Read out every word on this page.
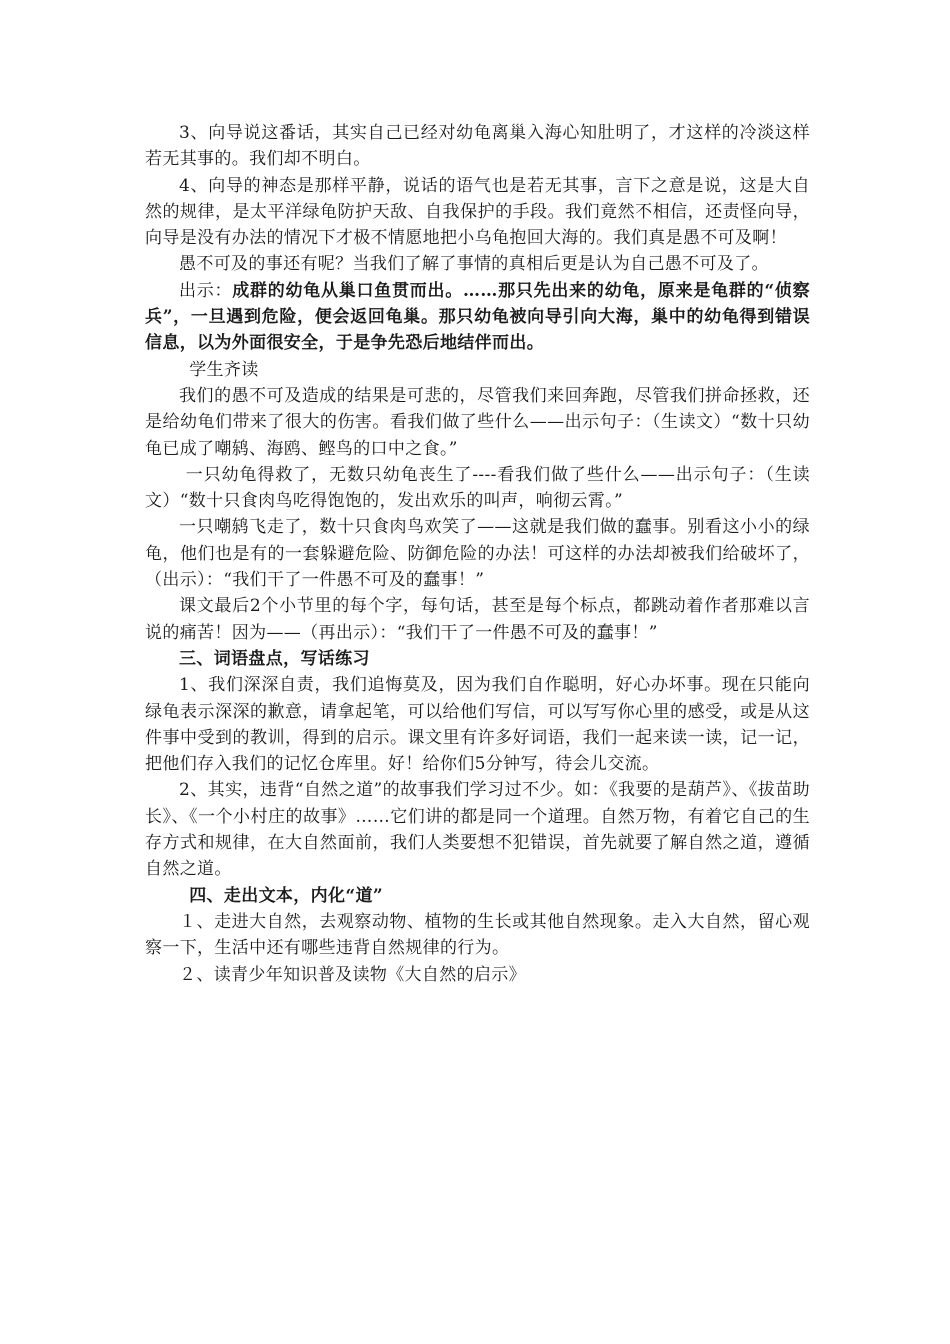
3、向导说这番话，其实自己已经对幼龟离巢入海心知肚明了，才这样的冷淡这样若无其事的。我们却不明白。

4、向导的神态是那样平静，说话的语气也是若无其事，言下之意是说，这是大自然的规律，是太平洋绿龟防护天敌、自我保护的手段。我们竟然不相信，还责怪向导，向导是没有办法的情况下才极不情愿地把小乌龟抱回大海的。我们真是愚不可及啊！

愚不可及的事还有呢？当我们了解了事情的真相后更是认为自己愚不可及了。

出示：成群的幼龟从巢口鱼贯而出。……那只先出来的幼龟，原来是龟群的“侦察兵”，一旦遇到危险，便会返回龟巢。那只幼龟被向导引向大海，巢中的幼龟得到错误信息，以为外面很安全，于是争先恐后地结伴而出。

学生齐读

我们的愚不可及造成的结果是可悲的，尽管我们来回奔跑，尽管我们拼命拯救，还是给幼龟们带来了很大的伤害。看我们做了些什么——出示句子：（生读文）“数十只幼龟已成了嘲鸫、海鸥、鲣鸟的口中之食。”

一只幼龟得救了，无数只幼龟丧生了----看我们做了些什么——出示句子：（生读文）“数十只食肉鸟吃得饱饱的，发出欢乐的叫声，响彻云霄。”

一只嘲鸫飞走了，数十只食肉鸟欢笑了——这就是我们做的蠢事。别看这小小的绿龟，他们也是有的一套躲避危险、防御危险的办法！可这样的办法却被我们给破坏了，（出示）：“我们干了一件愚不可及的蠢事！”

课文最后2个小节里的每个字，每句话，甚至是每个标点，都跳动着作者那难以言说的痛苦！因为——（再出示）：“我们干了一件愚不可及的蠢事！”

三、词语盘点，写话练习

1、我们深深自责，我们追悔莫及，因为我们自作聪明，好心办坏事。现在只能向绿龟表示深深的歉意，请拿起笔，可以给他们写信，可以写写你心里的感受，或是从这件事中受到的教训，得到的启示。课文里有许多好词语，我们一起来读一读，记一记，把他们存入我们的记忆仓库里。好！给你们5分钟写，待会儿交流。

2、其实，违背“自然之道”的故事我们学习过不少。如：《我要的是葫芦》、《拔苗助长》、《一个小村庄的故事》……它们讲的都是同一个道理。自然万物，有着它自己的生存方式和规律，在大自然面前，我们人类要想不犯错误，首先就要了解自然之道，遵循自然之道。

四、走出文本，内化“道”

１、走进大自然，去观察动物、植物的生长或其他自然现象。走入大自然，留心观察一下，生活中还有哪些违背自然规律的行为。

２、读青少年知识普及读物《大自然的启示》
